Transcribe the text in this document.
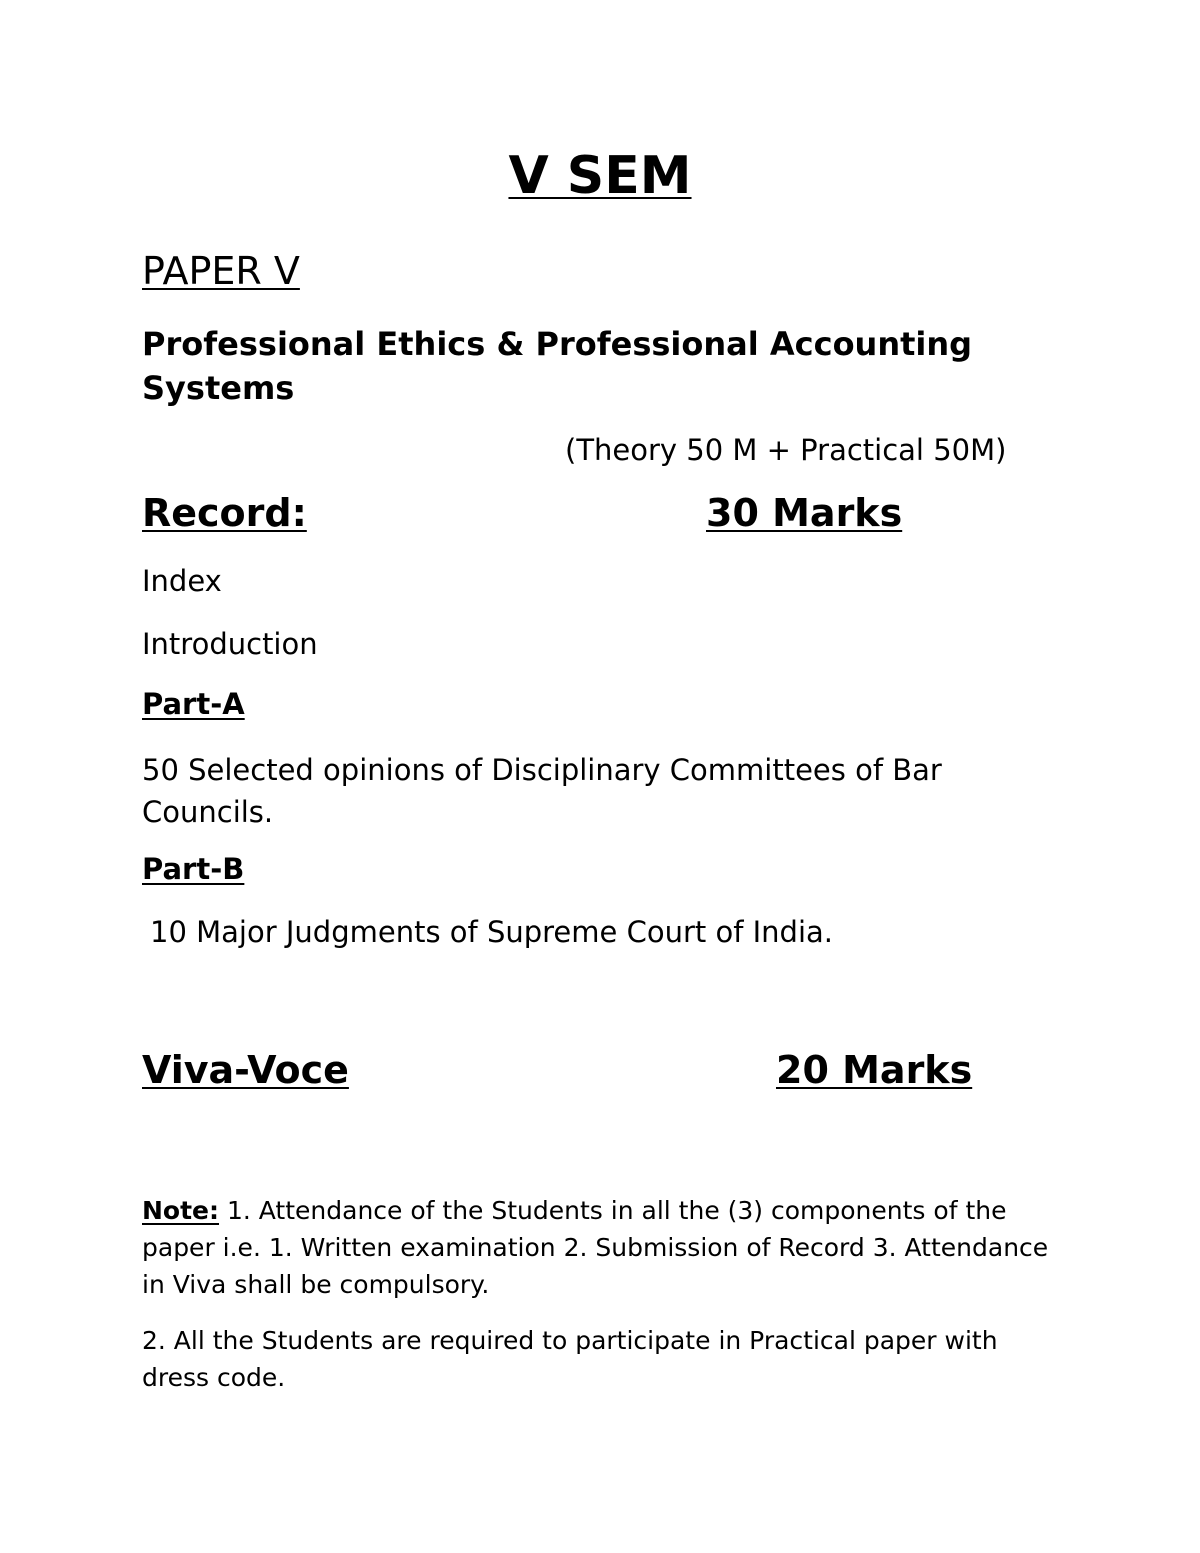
V SEM
PAPER V
Professional Ethics & Professional Accounting Systems
(Theory 50 M + Practical 50M)
Record:	30 Marks
Index
Introduction
Part-A
50 Selected opinions of Disciplinary Committees of Bar Councils.
Part-B
10 Major Judgments of Supreme Court of India.
Viva-Voce	20 Marks

Note: 1. Attendance of the Students in all the (3) components of the paper i.e. 1. Written examination 2. Submission of Record 3. Attendance in Viva shall be compulsory.

2. All the Students are required to participate in Practical paper with dress code.
